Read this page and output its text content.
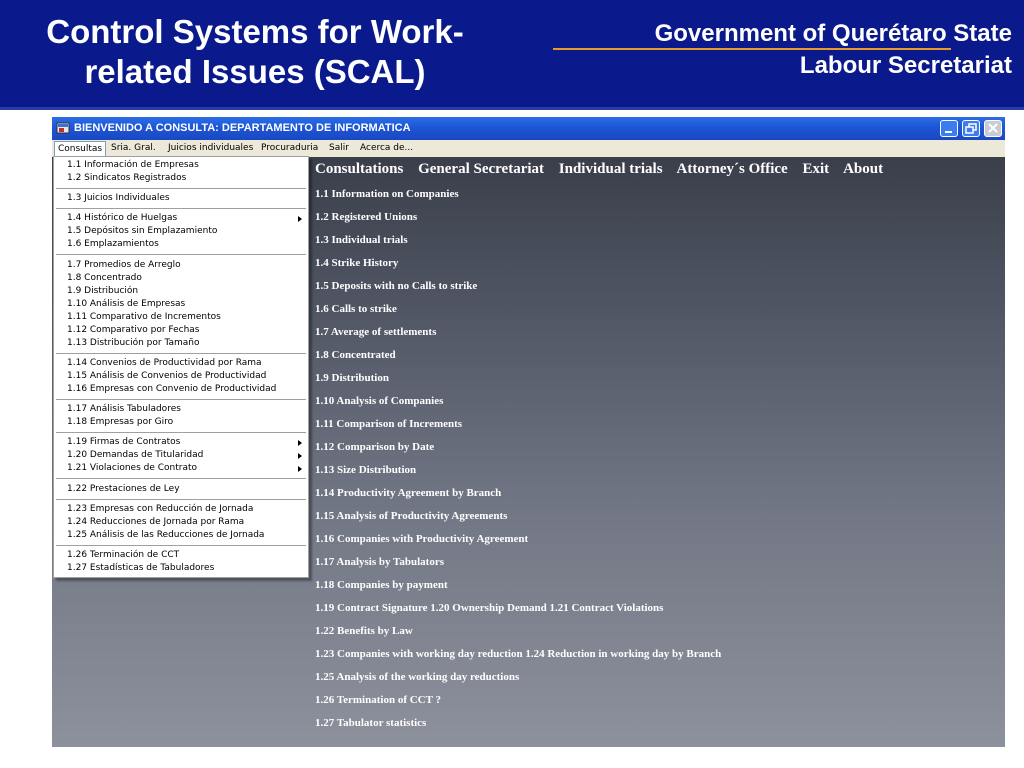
Control Systems for Work-related Issues (SCAL)
Government of Querétaro State
Labour Secretariat
BIENVENIDO A CONSULTA: DEPARTAMENTO DE INFORMATICA
Consultas Sria. Gral.	Juicios individuales Procuraduria	Salir	Acerca de...
1.1 Información de Empresas
1.2 Sindicatos Registrados
1.3 Juicios Individuales
1.4 Histórico de Huelgas
1.5 Depósitos sin Emplazamiento
1.6 Emplazamientos
1.7 Promedios de Arreglo
1.8 Concentrado
1.9 Distribución
1.10 Análisis de Empresas
1.11 Comparativo de Incrementos
1.12 Comparativo por Fechas
1.13 Distribución por Tamaño
1.14 Convenios de Productividad por Rama
1.15 Análisis de Convenios de Productividad
1.16 Empresas con Convenio de Productividad
1.17 Análisis Tabuladores
1.18 Empresas por Giro
1.19 Firmas de Contratos
1.20 Demandas de Titularidad
1.21 Violaciones de Contrato
1.22 Prestaciones de Ley
1.23 Empresas con Reducción de Jornada
1.24 Reducciones de Jornada por Rama
1.25 Análisis de las Reducciones de Jornada
1.26 Terminación de CCT
1.27 Estadísticas de Tabuladores
Consultations General Secretariat Individual trials Attorney´s Office Exit About
1.1 Information on Companies
1.2 Registered Unions
1.3 Individual trials
1.4 Strike History
1.5 Deposits with no Calls to strike
1.6 Calls to strike
1.7 Average of settlements
1.8 Concentrated
1.9 Distribution
1.10 Analysis of Companies
1.11 Comparison of Increments
1.12 Comparison by Date
1.13 Size Distribution
1.14 Productivity Agreement by Branch
1.15 Analysis of Productivity Agreements
1.16 Companies with Productivity Agreement
1.17 Analysis by Tabulators
1.18 Companies by payment
1.19 Contract Signature 1.20 Ownership Demand 1.21 Contract Violations
1.22 Benefits by Law
1.23 Companies with working day reduction 1.24 Reduction in working day by Branch
1.25 Analysis of the working day reductions
1.26 Termination of CCT ?
1.27 Tabulator statistics
